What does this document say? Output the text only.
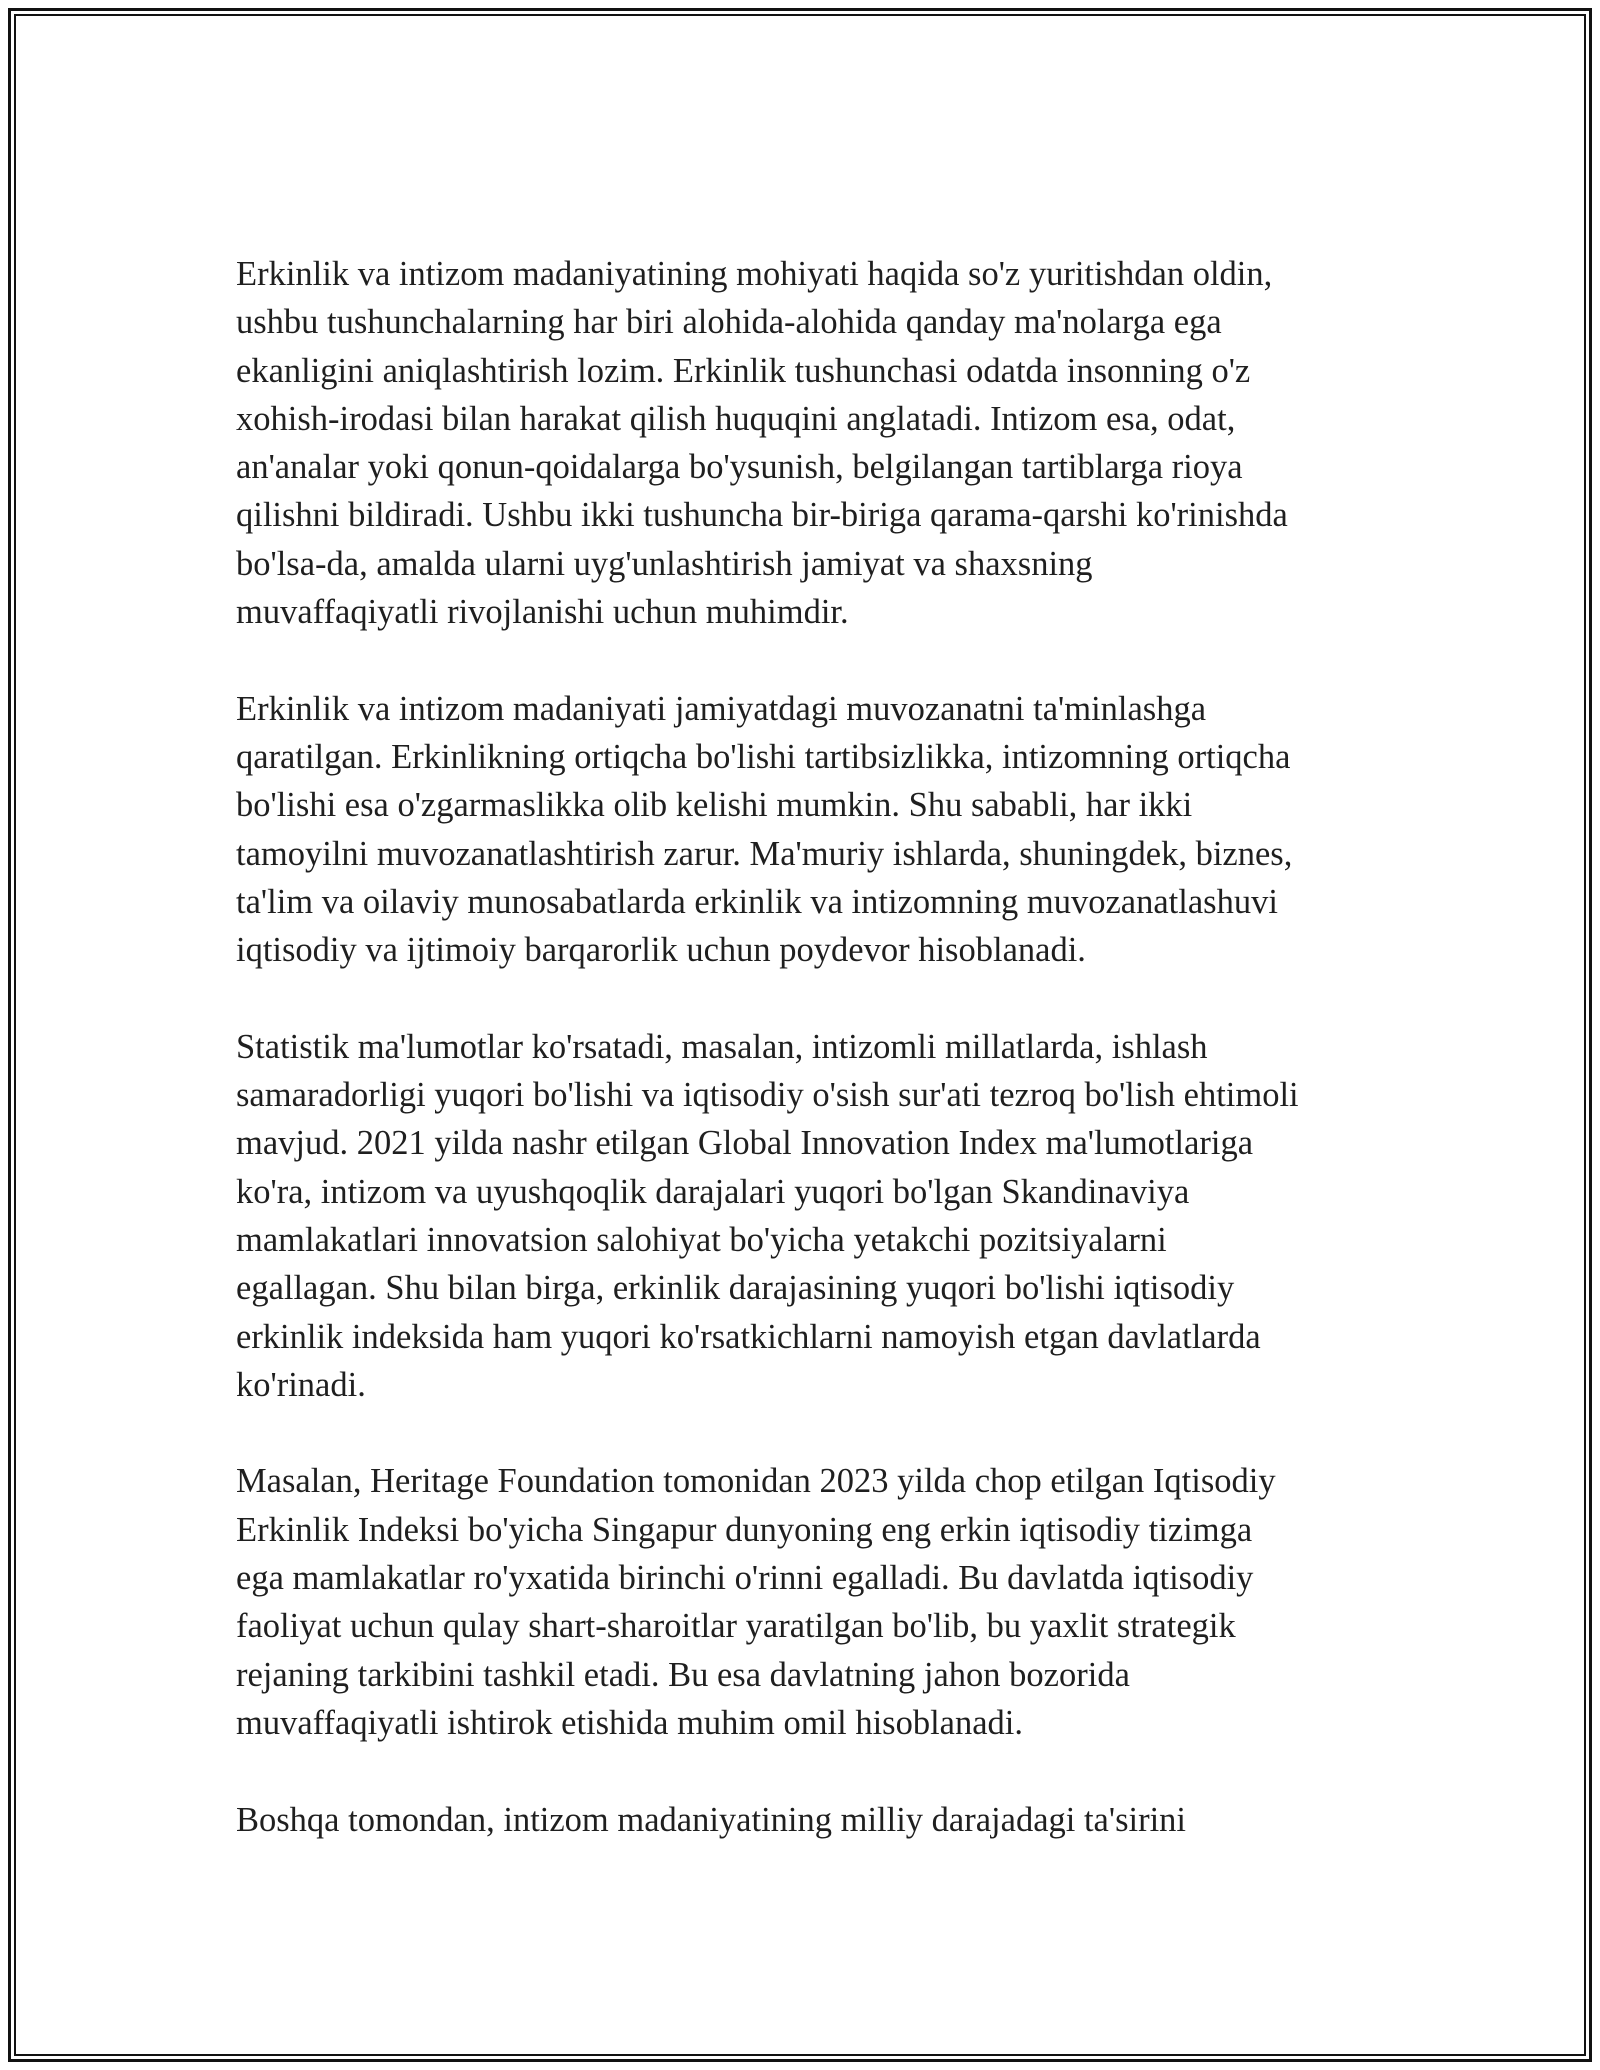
Erkinlik va intizom madaniyatining mohiyati haqida so'z yuritishdan oldin,
ushbu tushunchalarning har biri alohida-alohida qanday ma'nolarga ega
ekanligini aniqlashtirish lozim. Erkinlik tushunchasi odatda insonning o'z
xohish-irodasi bilan harakat qilish huquqini anglatadi. Intizom esa, odat,
an'analar yoki qonun-qoidalarga bo'ysunish, belgilangan tartiblarga rioya
qilishni bildiradi. Ushbu ikki tushuncha bir-biriga qarama-qarshi ko'rinishda
bo'lsa-da, amalda ularni uyg'unlashtirish jamiyat va shaxsning
muvaffaqiyatli rivojlanishi uchun muhimdir.

Erkinlik va intizom madaniyati jamiyatdagi muvozanatni ta'minlashga
qaratilgan. Erkinlikning ortiqcha bo'lishi tartibsizlikka, intizomning ortiqcha
bo'lishi esa o'zgarmaslikka olib kelishi mumkin. Shu sababli, har ikki
tamoyilni muvozanatlashtirish zarur. Ma'muriy ishlarda, shuningdek, biznes,
ta'lim va oilaviy munosabatlarda erkinlik va intizomning muvozanatlashuvi
iqtisodiy va ijtimoiy barqarorlik uchun poydevor hisoblanadi.

Statistik ma'lumotlar ko'rsatadi, masalan, intizomli millatlarda, ishlash
samaradorligi yuqori bo'lishi va iqtisodiy o'sish sur'ati tezroq bo'lish ehtimoli
mavjud. 2021 yilda nashr etilgan Global Innovation Index ma'lumotlariga
ko'ra, intizom va uyushqoqlik darajalari yuqori bo'lgan Skandinaviya
mamlakatlari innovatsion salohiyat bo'yicha yetakchi pozitsiyalarni
egallagan. Shu bilan birga, erkinlik darajasining yuqori bo'lishi iqtisodiy
erkinlik indeksida ham yuqori ko'rsatkichlarni namoyish etgan davlatlarda
ko'rinadi.

Masalan, Heritage Foundation tomonidan 2023 yilda chop etilgan Iqtisodiy
Erkinlik Indeksi bo'yicha Singapur dunyoning eng erkin iqtisodiy tizimga
ega mamlakatlar ro'yxatida birinchi o'rinni egalladi. Bu davlatda iqtisodiy
faoliyat uchun qulay shart-sharoitlar yaratilgan bo'lib, bu yaxlit strategik
rejaning tarkibini tashkil etadi. Bu esa davlatning jahon bozorida
muvaffaqiyatli ishtirok etishida muhim omil hisoblanadi.

Boshqa tomondan, intizom madaniyatining milliy darajadagi ta'sirini
